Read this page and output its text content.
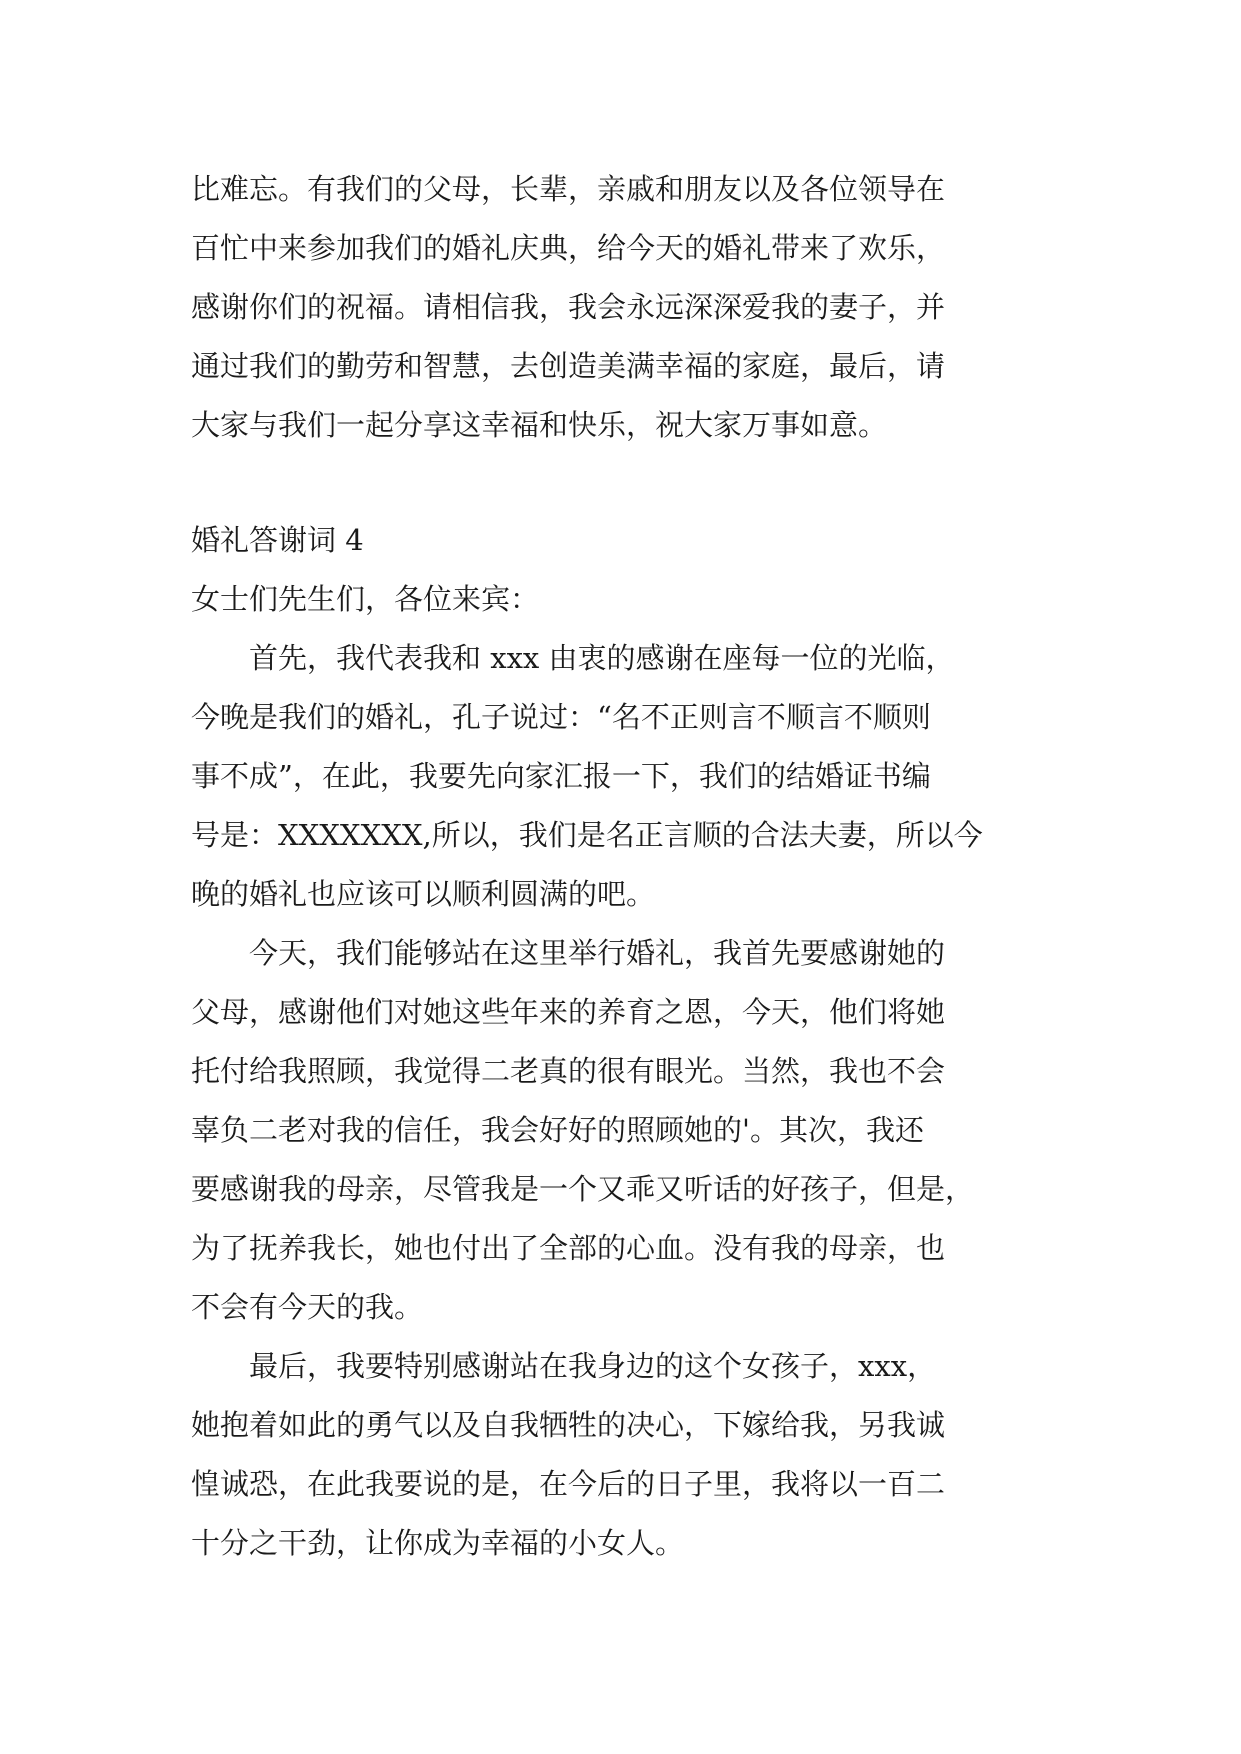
比难忘。有我们的父母，长辈，亲戚和朋友以及各位领导在
百忙中来参加我们的婚礼庆典，给今天的婚礼带来了欢乐，
感谢你们的祝福。请相信我，我会永远深深爱我的妻子，并
通过我们的勤劳和智慧，去创造美满幸福的家庭，最后，请
大家与我们一起分享这幸福和快乐，祝大家万事如意。
婚礼答谢词 4
女士们先生们，各位来宾：
首先，我代表我和 xxx 由衷的感谢在座每一位的光临，
今晚是我们的婚礼，孔子说过：“名不正则言不顺言不顺则
事不成”，在此，我要先向家汇报一下，我们的结婚证书编
号是：XXXXXXX,所以，我们是名正言顺的合法夫妻，所以今
晚的婚礼也应该可以顺利圆满的吧。
今天，我们能够站在这里举行婚礼，我首先要感谢她的
父母，感谢他们对她这些年来的养育之恩，今天，他们将她
托付给我照顾，我觉得二老真的很有眼光。当然，我也不会
辜负二老对我的信任，我会好好的照顾她的'。其次，我还
要感谢我的母亲，尽管我是一个又乖又听话的好孩子，但是，
为了抚养我长，她也付出了全部的心血。没有我的母亲，也
不会有今天的我。
最后，我要特别感谢站在我身边的这个女孩子，xxx，
她抱着如此的勇气以及自我牺牲的决心，下嫁给我，另我诚
惶诚恐，在此我要说的是，在今后的日子里，我将以一百二
十分之干劲，让你成为幸福的小女人。
